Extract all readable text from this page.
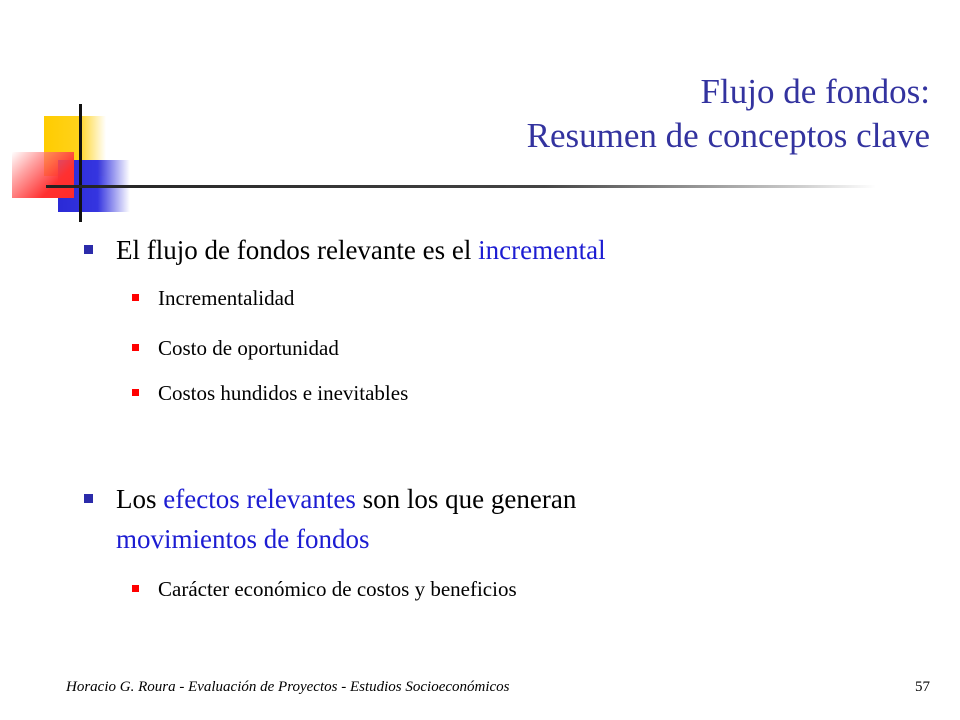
Flujo de fondos:
Resumen de conceptos clave
El flujo de fondos relevante es el incremental
Incrementalidad
Costo de oportunidad
Costos hundidos e inevitables
Los efectos relevantes son los que generan
movimientos de fondos
Carácter económico de costos y beneficios
Horacio G. Roura - Evaluación de Proyectos - Estudios Socioeconómicos	57
